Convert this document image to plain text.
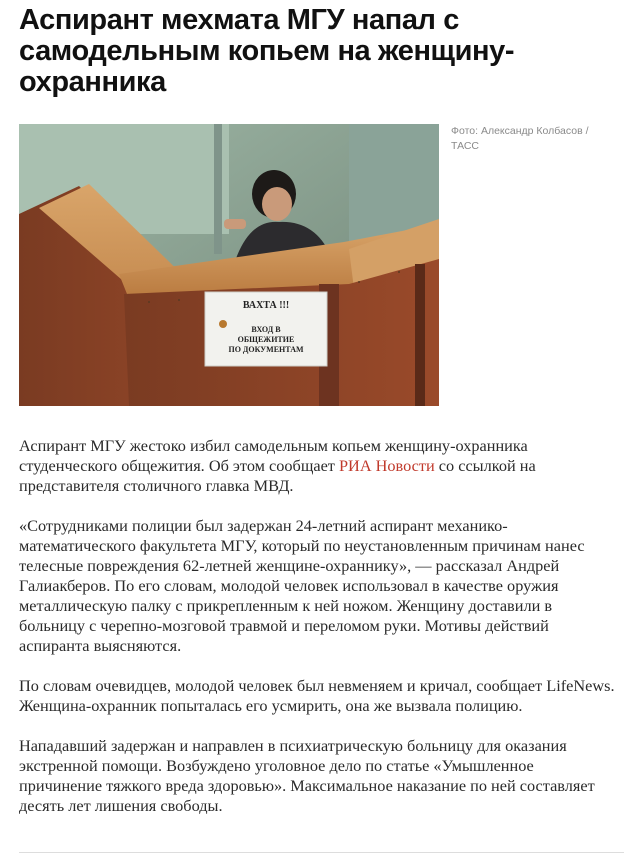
Аспирант мехмата МГУ напал с самодельным копьем на женщину-охранника
ВАХТА !!!
ВХОД В
ОБЩЕЖИТИЕ
ПО ДОКУМЕНТАМ
Фото: Александр Колбасов / ТАСС

Аспирант МГУ жестоко избил самодельным копьем женщину-охранника студенческого общежития. Об этом сообщает РИА Новости со ссылкой на представителя столичного главка МВД.

«Сотрудниками полиции был задержан 24-летний аспирант механико-математического факультета МГУ, который по неустановленным причинам нанес телесные повреждения 62-летней женщине-охраннику», — рассказал Андрей Галиакберов. По его словам, молодой человек использовал в качестве оружия металлическую палку с прикрепленным к ней ножом. Женщину доставили в больницу с черепно-мозговой травмой и переломом руки. Мотивы действий аспиранта выясняются.

По словам очевидцев, молодой человек был невменяем и кричал, сообщает LifeNews. Женщина-охранник попыталась его усмирить, она же вызвала полицию.

Нападавший задержан и направлен в психиатрическую больницу для оказания экстренной помощи. Возбуждено уголовное дело по статье «Умышленное причинение тяжкого вреда здоровью». Максимальное наказание по ней составляет десять лет лишения свободы.
